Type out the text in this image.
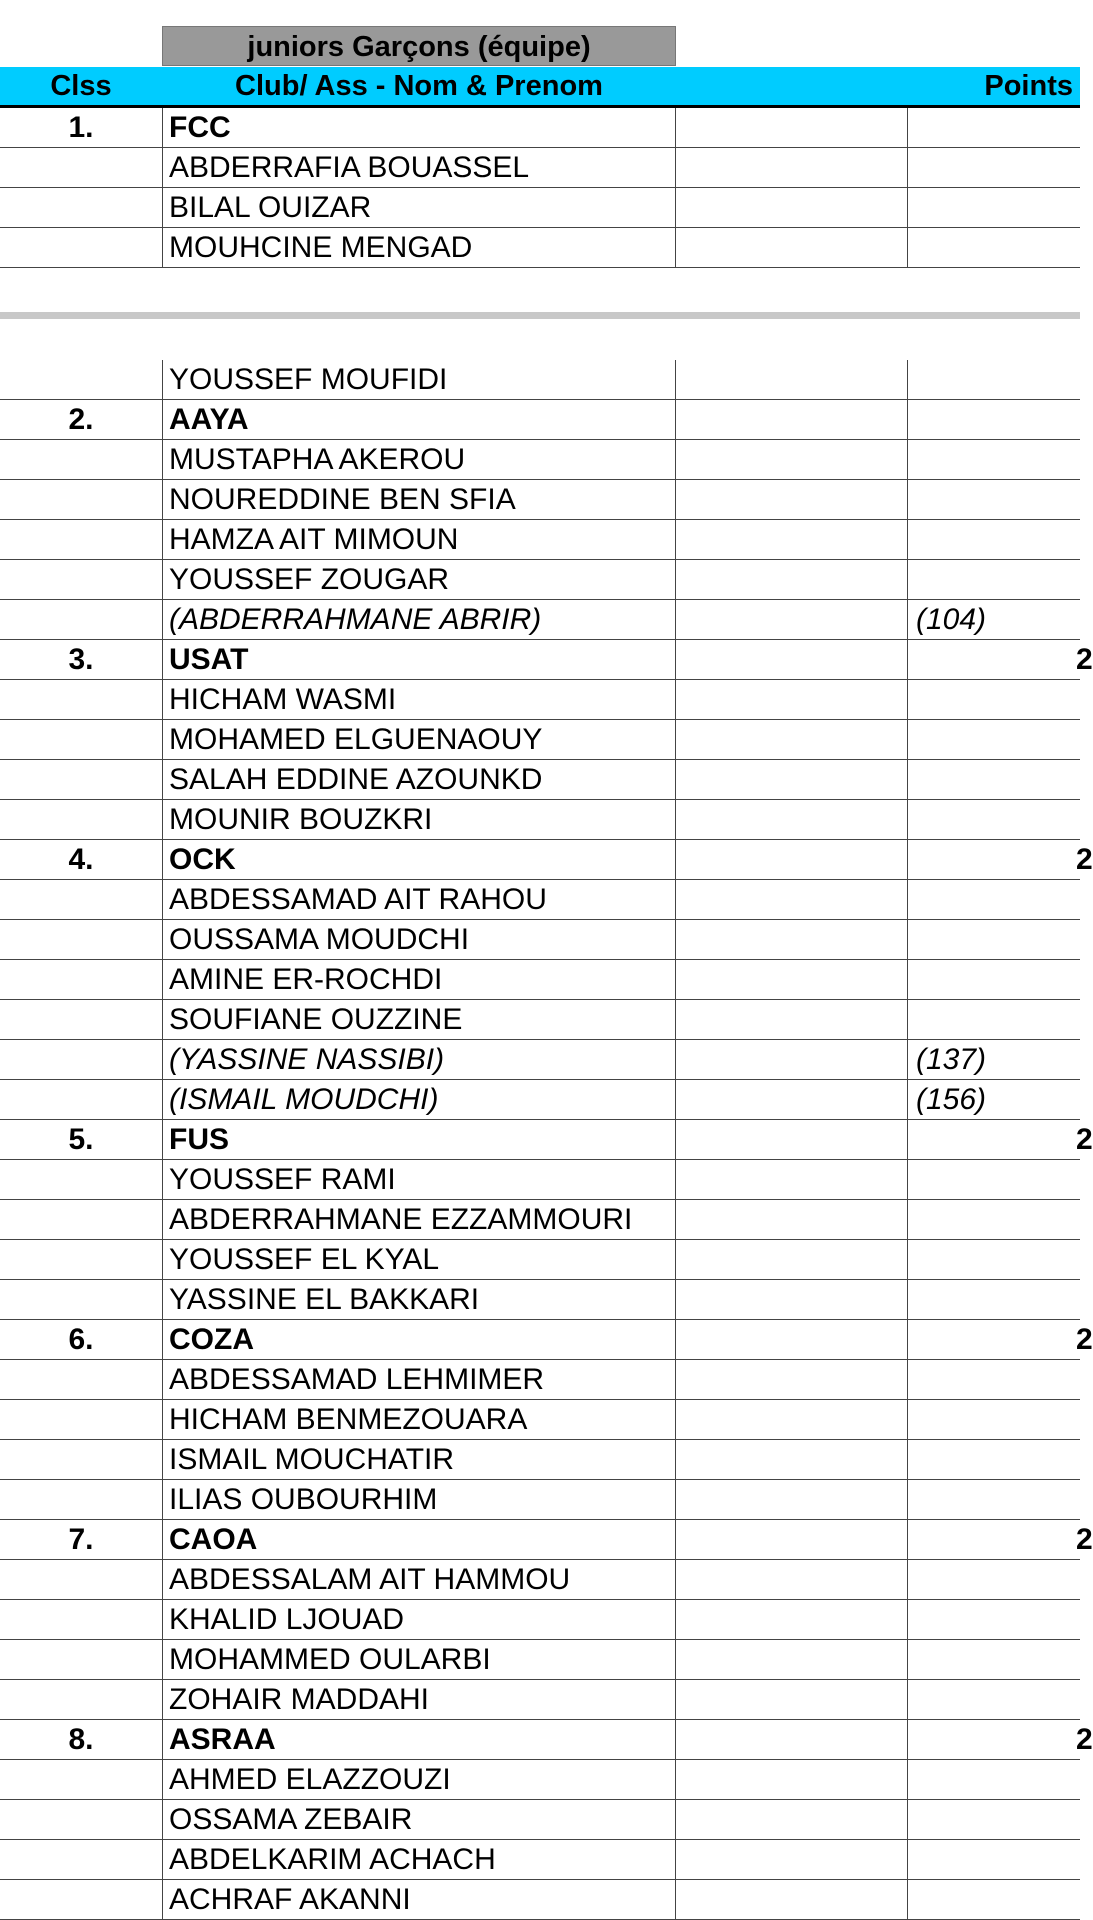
juniors Garçons (équipe)
Clss	Club/ Ass - Nom & Prenom	Points
1.	FCC
ABDERRAFIA BOUASSEL
BILAL OUIZAR
MOUHCINE MENGAD
YOUSSEF MOUFIDI
2.	AAYA
MUSTAPHA AKEROU
NOUREDDINE BEN SFIA
HAMZA AIT MIMOUN
YOUSSEF ZOUGAR
(ABDERRAHMANE ABRIR)	(104)
3.	USAT	2
HICHAM WASMI
MOHAMED ELGUENAOUY
SALAH EDDINE AZOUNKD
MOUNIR BOUZKRI
4.	OCK	2
ABDESSAMAD AIT RAHOU
OUSSAMA MOUDCHI
AMINE ER-ROCHDI
SOUFIANE OUZZINE
(YASSINE NASSIBI)	(137)
(ISMAIL MOUDCHI)	(156)
5.	FUS	2
YOUSSEF RAMI
ABDERRAHMANE EZZAMMOURI
YOUSSEF EL KYAL
YASSINE EL BAKKARI
6.	COZA	2
ABDESSAMAD LEHMIMER
HICHAM BENMEZOUARA
ISMAIL MOUCHATIR
ILIAS OUBOURHIM
7.	CAOA	2
ABDESSALAM AIT HAMMOU
KHALID LJOUAD
MOHAMMED OULARBI
ZOHAIR MADDAHI
8.	ASRAA	2
AHMED ELAZZOUZI
OSSAMA ZEBAIR
ABDELKARIM ACHACH
ACHRAF AKANNI
